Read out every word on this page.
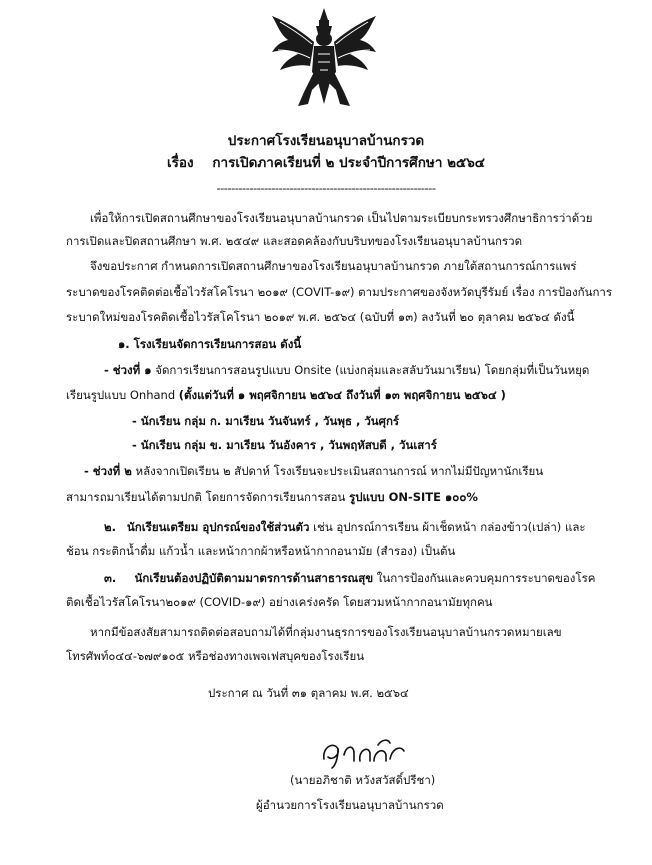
ประกาศโรงเรียนอนุบาลบ้านกรวด
เรื่อง การเปิดภาคเรียนที่ ๒ ประจำปีการศึกษา ๒๕๖๔
------------------------------------------------------------
เพื่อให้การเปิดสถานศึกษาของโรงเรียนอนุบาลบ้านกรวด เป็นไปตามระเบียบกระทรวงศึกษาธิการว่าด้วย
การเปิดและปิดสถานศึกษา พ.ศ. ๒๕๔๙ และสอดคล้องกับบริบทของโรงเรียนอนุบาลบ้านกรวด
จึงขอประกาศ กำหนดการเปิดสถานศึกษาของโรงเรียนอนุบาลบ้านกรวด ภายใต้สถานการณ์การแพร่
ระบาดของโรคติดต่อเชื้อไวรัสโคโรนา ๒๐๑๙ (COVIT-๑๙) ตามประกาศของจังหวัดบุรีรัมย์ เรื่อง การป้องกันการ
ระบาดใหม่ของโรคติดเชื้อไวรัสโคโรนา ๒๐๑๙ พ.ศ. ๒๕๖๔ (ฉบับที่ ๑๓) ลงวันที่ ๒๐ ตุลาคม ๒๕๖๔ ดังนี้
๑. โรงเรียนจัดการเรียนการสอน ดังนี้
- ช่วงที่ ๑ จัดการเรียนการสอนรูปแบบ Onsite (แบ่งกลุ่มและสลับวันมาเรียน) โดยกลุ่มที่เป็นวันหยุด
เรียนรูปแบบ Onhand (ตั้งแต่วันที่ ๑ พฤศจิกายน ๒๕๖๔ ถึงวันที่ ๑๓ พฤศจิกายน ๒๕๖๔ )
- นักเรียน กลุ่ม ก. มาเรียน วันจันทร์ , วันพุธ , วันศุกร์
- นักเรียน กลุ่ม ข. มาเรียน วันอังคาร , วันพฤหัสบดี , วันเสาร์
- ช่วงที่ ๒ หลังจากเปิดเรียน ๒ สัปดาห์ โรงเรียนจะประเมินสถานการณ์ หากไม่มีปัญหานักเรียน
สามารถมาเรียนได้ตามปกติ โดยการจัดการเรียนการสอน รูปแบบ ON-SITE ๑๐๐%
๒. นักเรียนเตรียม อุปกรณ์ของใช้ส่วนตัว เช่น อุปกรณ์การเรียน ผ้าเช็ดหน้า กล่องข้าว(เปล่า) และ
ช้อน กระติกน้ำดื่ม แก้วน้ำ และหน้ากากผ้าหรือหน้ากากอนามัย (สำรอง) เป็นต้น
๓. นักเรียนต้องปฏิบัติตามมาตรการด้านสาธารณสุข ในการป้องกันและควบคุมการระบาดของโรค
ติดเชื้อไวรัสโคโรนา๒๐๑๙ (COVID-๑๙) อย่างเคร่งครัด โดยสวมหน้ากากอนามัยทุกคน
หากมีข้อสงสัยสามารถติดต่อสอบถามได้ที่กลุ่มงานธุรการของโรงเรียนอนุบาลบ้านกรวดหมายเลข
โทรศัพท์๐๔๔-๖๗๙๑๐๕ หรือช่องทางเพจเฟสบุคของโรงเรียน
ประกาศ ณ วันที่ ๓๑ ตุลาคม พ.ศ. ๒๕๖๔
(นายอภิชาติ หวังสวัสดิ์ปรีชา)
ผู้อำนวยการโรงเรียนอนุบาลบ้านกรวด
